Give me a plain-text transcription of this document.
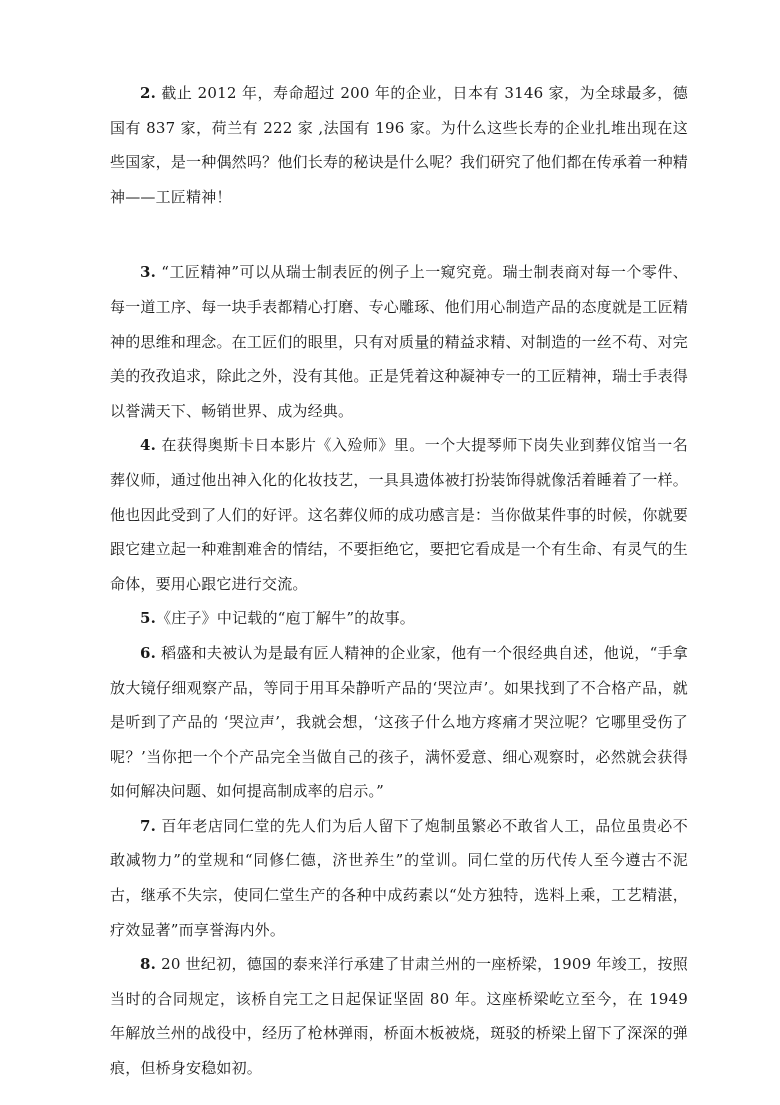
2. 截止 2012 年，寿命超过 200 年的企业，日本有 3146 家，为全球最多，德国有 837 家，荷兰有 222 家 ,法国有 196 家。为什么这些长寿的企业扎堆出现在这些国家，是一种偶然吗？他们长寿的秘诀是什么呢？我们研究了他们都在传承着一种精神——工匠精神！

3. “工匠精神”可以从瑞士制表匠的例子上一窥究竟。瑞士制表商对每一个零件、每一道工序、每一块手表都精心打磨、专心雕琢、他们用心制造产品的态度就是工匠精神的思维和理念。在工匠们的眼里，只有对质量的精益求精、对制造的一丝不苟、对完美的孜孜追求，除此之外，没有其他。正是凭着这种凝神专一的工匠精神，瑞士手表得以誉满天下、畅销世界、成为经典。

4. 在获得奥斯卡日本影片《入殓师》里。一个大提琴师下岗失业到葬仪馆当一名葬仪师，通过他出神入化的化妆技艺，一具具遗体被打扮装饰得就像活着睡着了一样。他也因此受到了人们的好评。这名葬仪师的成功感言是：当你做某件事的时候，你就要跟它建立起一种难割难舍的情结，不要拒绝它，要把它看成是一个有生命、有灵气的生命体，要用心跟它进行交流。

5.《庄子》中记载的“庖丁解牛”的故事。

6. 稻盛和夫被认为是最有匠人精神的企业家，他有一个很经典自述，他说，“手拿放大镜仔细观察产品，等同于用耳朵静听产品的‘哭泣声’。如果找到了不合格产品，就是听到了产品的 ‘哭泣声’，我就会想，‘这孩子什么地方疼痛才哭泣呢？它哪里受伤了呢？’当你把一个个产品完全当做自己的孩子，满怀爱意、细心观察时，必然就会获得如何解决问题、如何提高制成率的启示。”

7. 百年老店同仁堂的先人们为后人留下了炮制虽繁必不敢省人工，品位虽贵必不敢减物力”的堂规和“同修仁德，济世养生”的堂训。同仁堂的历代传人至今遵古不泥古，继承不失宗，使同仁堂生产的各种中成药素以“处方独特，选料上乘，工艺精湛，疗效显著”而享誉海内外。

8. 20 世纪初，德国的泰来洋行承建了甘肃兰州的一座桥梁，1909 年竣工，按照当时的合同规定，该桥自完工之日起保证坚固 80 年。这座桥梁屹立至今，在 1949 年解放兰州的战役中，经历了枪林弹雨，桥面木板被烧，斑驳的桥梁上留下了深深的弹痕，但桥身安稳如初。
